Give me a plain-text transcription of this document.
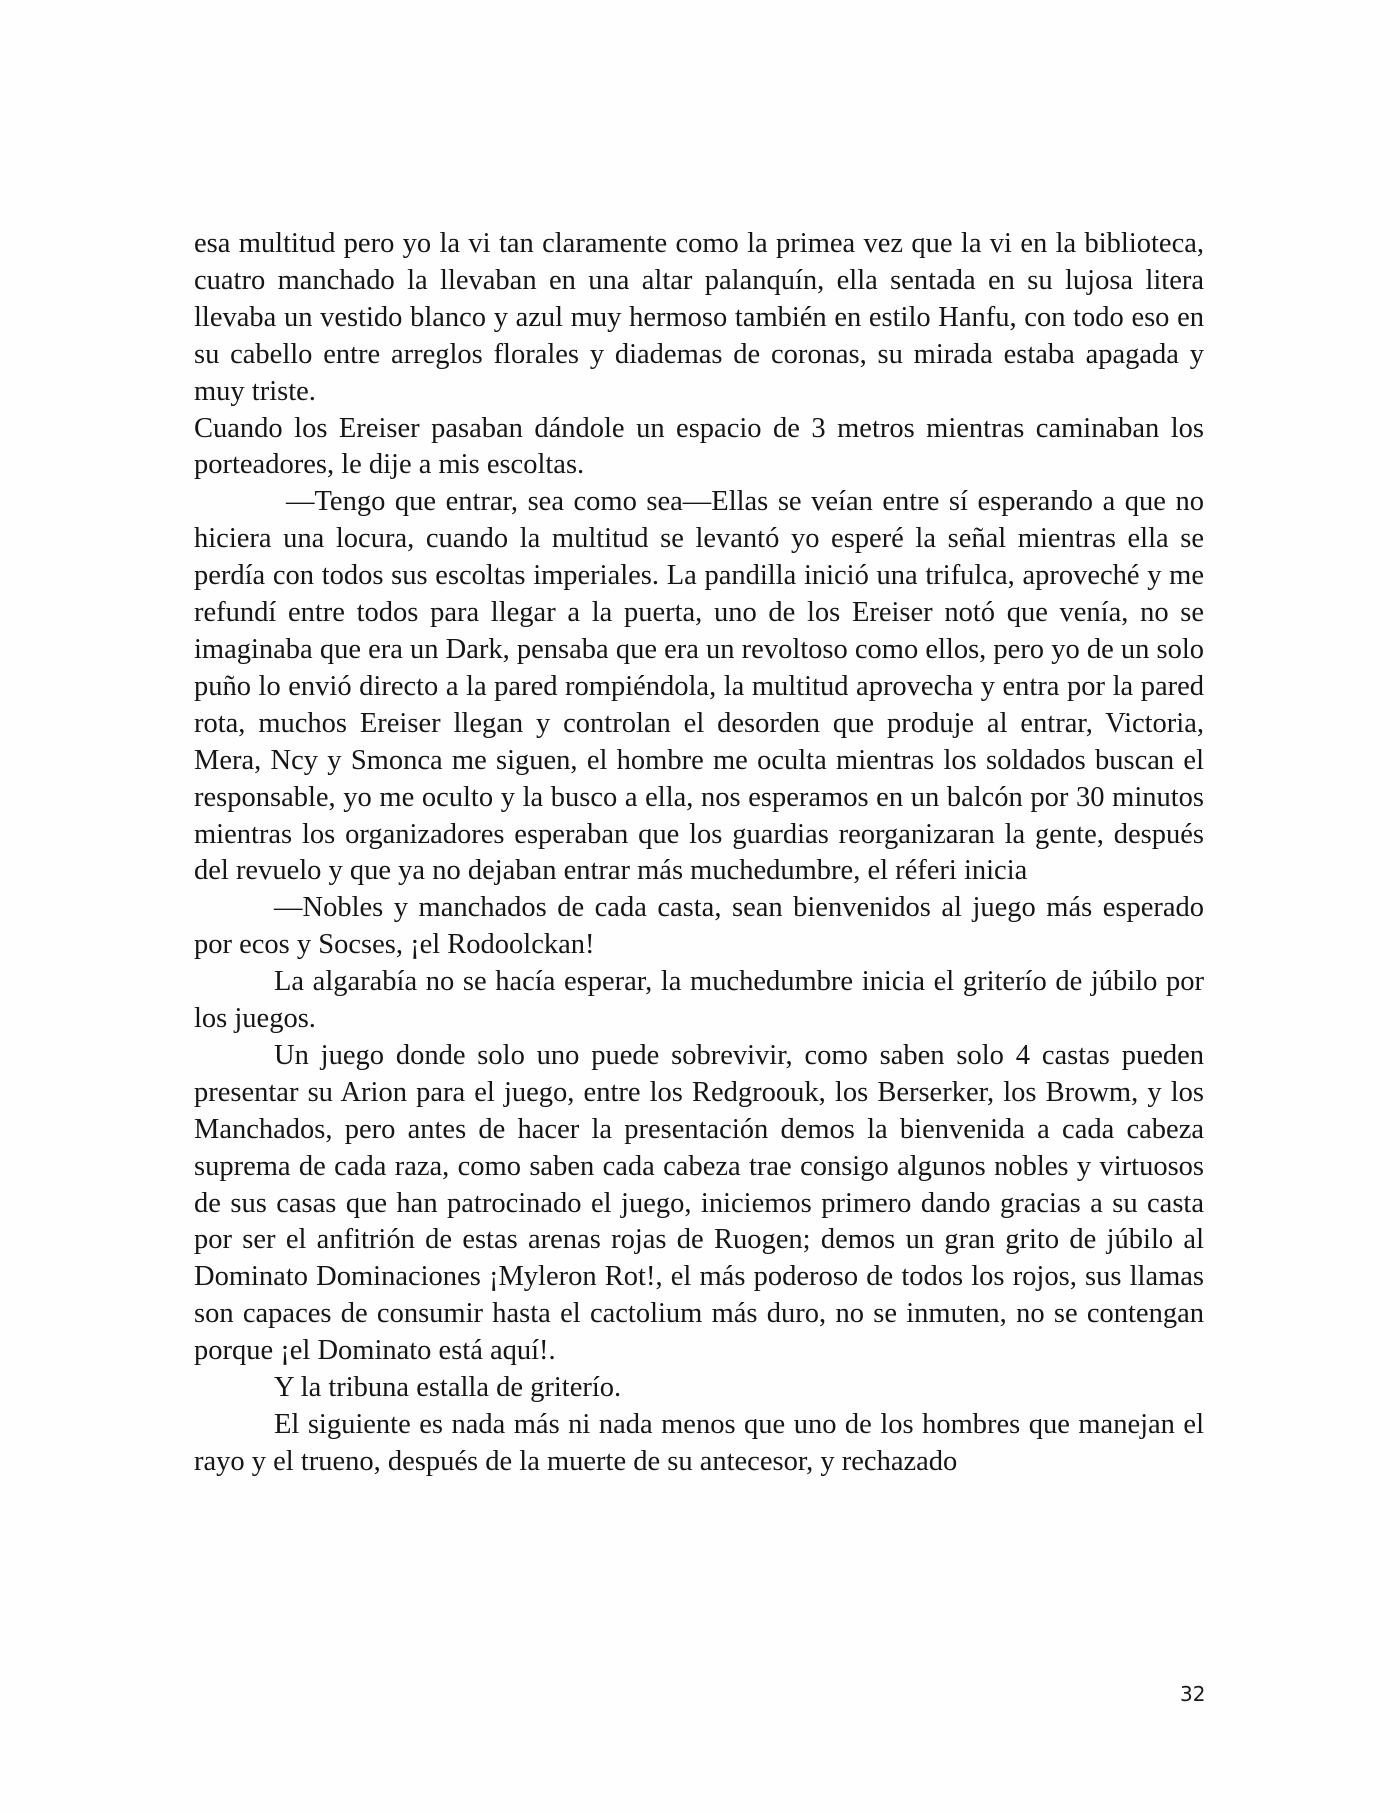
esa multitud pero yo la vi tan claramente como la primea vez que la vi en la biblioteca, cuatro manchado la llevaban en una altar palanquín, ella sentada en su lujosa litera llevaba un vestido blanco y azul muy hermoso también en estilo Hanfu, con todo eso en su cabello entre arreglos florales y diademas de coronas, su mirada estaba apagada y muy triste.

Cuando los Ereiser pasaban dándole un espacio de 3 metros mientras caminaban los porteadores, le dije a mis escoltas.

—Tengo que entrar, sea como sea—Ellas se veían entre sí esperando a que no hiciera una locura, cuando la multitud se levantó yo esperé la señal mientras ella se perdía con todos sus escoltas imperiales. La pandilla inició una trifulca, aproveché y me refundí entre todos para llegar a la puerta, uno de los Ereiser notó que venía, no se imaginaba que era un Dark, pensaba que era un revoltoso como ellos, pero yo de un solo puño lo envió directo a la pared rompiéndola, la multitud aprovecha y entra por la pared rota, muchos Ereiser llegan y controlan el desorden que produje al entrar, Victoria, Mera, Ncy y Smonca me siguen, el hombre me oculta mientras los soldados buscan el responsable, yo me oculto y la busco a ella, nos esperamos en un balcón por 30 minutos mientras los organizadores esperaban que los guardias reorganizaran la gente, después del revuelo y que ya no dejaban entrar más muchedumbre, el réferi inicia

—Nobles y manchados de cada casta, sean bienvenidos al juego más esperado por ecos y Socses, ¡el Rodoolckan!

La algarabía no se hacía esperar, la muchedumbre inicia el griterío de júbilo por los juegos.

Un juego donde solo uno puede sobrevivir, como saben solo 4 castas pueden presentar su Arion para el juego, entre los Redgroouk, los Berserker, los Browm, y los Manchados, pero antes de hacer la presentación demos la bienvenida a cada cabeza suprema de cada raza, como saben cada cabeza trae consigo algunos nobles y virtuosos de sus casas que han patrocinado el juego, iniciemos primero dando gracias a su casta por ser el anfitrión de estas arenas rojas de Ruogen; demos un gran grito de júbilo al Dominato Dominaciones ¡Myleron Rot!, el más poderoso de todos los rojos, sus llamas son capaces de consumir hasta el cactolium más duro, no se inmuten, no se contengan porque ¡el Dominato está aquí!.

Y la tribuna estalla de griterío.

El siguiente es nada más ni nada menos que uno de los hombres que manejan el rayo y el trueno, después de la muerte de su antecesor, y rechazado

32
